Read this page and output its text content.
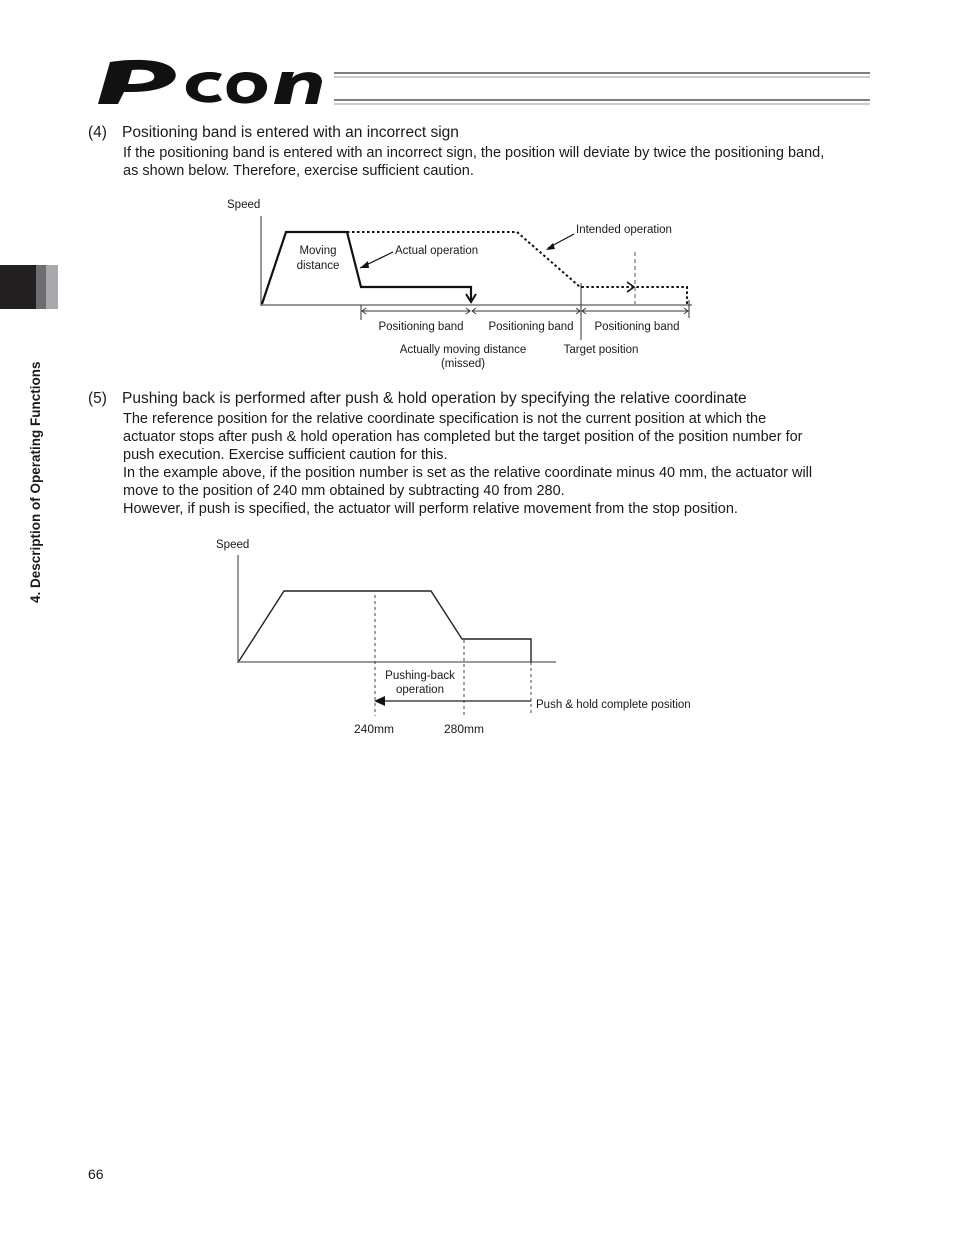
4. Description of Operating Functions
(4) Positioning band is entered with an incorrect sign

If the positioning band is entered with an incorrect sign, the position will deviate by twice the positioning band,

as shown below. Therefore, exercise sufficient caution.

Speed
Moving
distance
Actual operation
Intended operation
Positioning band Positioning band Positioning band
Actually moving distance
(missed)
Target position
(5) Pushing back is performed after push & hold operation by specifying the relative coordinate

The reference position for the relative coordinate specification is not the current position at which the

actuator stops after push & hold operation has completed but the target position of the position number for

push execution. Exercise sufficient caution for this.

In the example above, if the position number is set as the relative coordinate minus 40 mm, the actuator will

move to the position of 240 mm obtained by subtracting 40 from 280.

However, if push is specified, the actuator will perform relative movement from the stop position.

Speed
Pushing-back
operation
Push & hold complete position
240mm	280mm
66
